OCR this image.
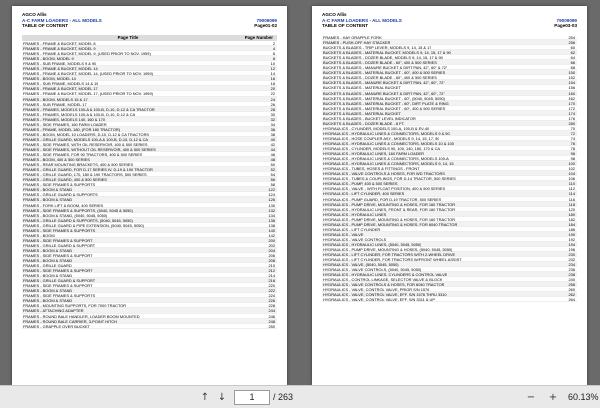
AGCO Allis
A-C FARM LOADERS - ALL MODELS
TABLE OF CONTENT
79009099
Page01-02
Page Title	Page Number
FRAMES - FRAME & BUCKET, MODEL 8	2
FRAMES - FRAME & BUCKET, MODEL 9	4
FRAMES - FRAME & BUCKET, MODEL 9, (USED PRIOR TO NOV. 1959)	6
FRAMES - BOOM, MODEL 9	8
FRAMES - SUB FRAME, MODELS 9 & 90	10
FRAMES - FRAME & BUCKET, MODEL 14	12
FRAMES - FRAME & BUCKET, MODEL 14, (USED PRIOR TO NOV. 1959)	14
FRAMES - BOOM, MODEL 14	16
FRAMES - SUB FRAME, MODELS 14 & 15	18
FRAMES - FRAME & BUCKET, MODEL 17	20
FRAMES - FRAME & BUCKET, MODEL 17, (USED PRIOR TO NOV. 1959)	22
FRAMES - BOOM, MODELS 15 & 17	24
FRAMES - SUB FRAME, MODEL 17	26
FRAMES - FRAMES, MODELS 100-A & 100-B, D-10, D-12 & CA TRACTOR	28
FRAMES - FRAMES, MODELS 100-A & 100-B, D-10, D-12 & CA	30
FRAMES - FRAMES, MODELS 140, 160 & 170	32
FRAMES - SIDE FRAMES, 160 FARM LOADER	34
FRAMES - FRAME, MODEL 180, (FOR 180 TRACTOR)	36
FRAMES - BOOM, MODEL 10 LOADERS, D-10, D-12 & CA TRACTORS	38
FRAMES - GRILLE GUARD, MODELS 100-A & 100-B, D-10, D-12 & CA	40
FRAMES - SIDE FRAMES, WITH OIL RESERVOIR, 400 & 500 SERIES	42
FRAMES - SIDE FRAMES, WITHOUT OIL RESERVOIR, 400 & 500 SERIES	44
FRAMES - SIDE FRAMES, FOR 90 TRACTORS, 400 & 500 SERIES	46
FRAMES - BOOM, 400 & 500 SERIES	48
FRAMES - REAR MOUNTING BRACKETS, 400 & 500 SERIES	50
FRAMES - GRILLE GUARD, FOR D-17 SERIES IV, D-19 & 190 TRACTOR	52
FRAMES - GRILLE GUARD, 170, 180 & 190 TRACTORS, 500 SERIES	54
FRAMES - GRILLE GUARD, 400 & 500 SERIES	56
FRAMES - SIDE FRAMES & SUPPORTS	58
FRAMES - BOOM & STAND	122
FRAMES - GRILLE GUARD & SUPPORTS	124
FRAMES - BOOM & STAND	126
FRAMES - FORK LIFT & BOOM, 400 SERIES	130
FRAMES - SIDE FRAMES & SUPPORTS, (5040, 5045 & 5050)	132
FRAMES - BOOM & STAND, (5040, 5045, 5050)	134
FRAMES - GRILLE GUARD & SUPPORTS, (5040, 5045, 5050)	136
FRAMES - GRILLE GUARD & PIPE EXTENSION, (5040, 5045, 5050)	138
FRAMES - SIDE FRAMES & SUPPORTS	140
FRAMES - BOOM	142
FRAMES - SIDE FRAMES & SUPPORT	200
FRAMES - GRILLE GUARD & SUPPORT	202
FRAMES - BOOM & STAND	204
FRAMES - SIDE FRAMES & SUPPORT	206
FRAMES - BOOM & STAND	208
FRAMES - GRILLE GUARD	210
FRAMES - SIDE FRAMES & SUPPORT	212
FRAMES - BOOM & STAND	214
FRAMES - GRILLE GUARD & SUPPORT	216
FRAMES - SIDE FRAMES & SUPPORT	220
FRAMES - BOOM & STAND	222
FRAMES - SIDE FRAMES & SUPPORTS	224
FRAMES - BOOM & STAND	226
FRAMES - MOUNTING SUPPORTS, FOR 7000 TRACTOR	228
FRAMES - ATTACHING ADAPTER	244
FRAMES - ROUND BALE HANDLER, LOADER BOOM MOUNTED	246
FRAMES - ROUND BALE CARRIER, 3-POINT HITCH	248
FRAMES - GRAPPLE OVER BUCKET	250
AGCO Allis
A-C FARM LOADERS - ALL MODELS
TABLE OF CONTENT
79009099
Page03-03
FRAMES - HAY GRAPPLE FORK	254
FRAMES - PUSH-OFF HAY STACKER	256
BUCKETS & BLADES - TRIP LEVER, MODELS 9, 14, 15 & 17	60
BUCKETS & BLADES - MATERIAL BUCKET, MODELS 9, 14, 15, 17 & 90	62
BUCKETS & BLADES - DOZER BLADE, MODELS 9, 14, 15, 17 & 90	64
BUCKETS & BLADES - DOZER BLADE - 60", 400 & 500 SERIES	66
BUCKETS & BLADES - MANURE BUCKET & DIRT PAN, 42", 60" & 72"	68
BUCKETS & BLADES - MATERIAL BUCKET - 60", 400 & 500 SERIES	150
BUCKETS & BLADES - DOZER BLADE - 60", 400 & 500 SERIES	152
BUCKETS & BLADES - MANURE BUCKET & DIRT PAN, 42", 60", 72"	154
BUCKETS & BLADES - MATERIAL BUCKET	156
BUCKETS & BLADES - MANURE BUCKET & DIRT PAN, 42", 60", 72"	160
BUCKETS & BLADES - MATERIAL BUCKET - 60", (5040, 5045, 5050)	162
BUCKETS & BLADES - MATERIAL BUCKET - 60", DIRT PLATE & RING	170
BUCKETS & BLADES - MATERIAL BUCKET - 60", 400 & 500 SERIES	172
BUCKETS & BLADES - MATERIAL BUCKET	174
BUCKETS & BLADES - BUCKET LEVEL INDICATOR	176
BUCKETS & BLADES - DOZER BLADE - 8 FT.	280
HYDRAULICS - CYLINDER, MODELS 100-A, 100-B & EV-40	70
HYDRAULICS - HYDRAULIC LINES & CONNECTORS, MODELS 9 & 90	72
HYDRAULICS - HOSE COUPLER ASY., MODELS 9, 14, 15, 17, 90	74
HYDRAULICS - HYDRAULIC LINES & CONNECTORS, MODELS 10 & 100	76
HYDRAULICS - CYLINDER, MODELS 90, 100, 140, 160, 170 & CA	78
HYDRAULICS - HYDRAULIC LINES, 160 FARM LOADER	96
HYDRAULICS - HYDRAULIC LINES & CONNECTORS, MODELS 100-A	98
HYDRAULICS - HYDRAULIC LINES & CONNECTORS, MODELS 9, 14, 15	100
HYDRAULICS - TUBES, HOSES & FITTINGS - FRONT	102
HYDRAULICS - VALVE CONTROLS & HOSES, FOR WD TRACTORS	104
HYDRAULICS - TUBES & COUPLINGS, FOR D-14 TRACTOR, 500 SERIES	106
HYDRAULICS - PUMP, 400 & 500 SERIES	110
HYDRAULICS - VALVE - WITH FLOAT POSITION, 400 & 500 SERIES	112
HYDRAULICS - LIFT CYLINDER, 400 SERIES	114
HYDRAULICS - PUMP GUARD, FOR D-19 TRACTOR, 500 SERIES	116
HYDRAULICS - PUMP DRIVE, MOUNTING & HOSES, FOR 160 TRACTOR	118
HYDRAULICS - HYDRAULIC LINES, FRONT & REAR, FOR 160 TRACTOR	120
HYDRAULICS - HYDRAULIC LINES	180
HYDRAULICS - PUMP DRIVE, MOUNTING & HOSES, FOR 160 TRACTOR	182
HYDRAULICS - PUMP DRIVE, MOUNTING & HOSES, FOR 6040 TRACTOR	184
HYDRAULICS - LIFT CYLINDER	186
HYDRAULICS - VALVE	190
HYDRAULICS - VALVE CONTROLS	192
HYDRAULICS - HYDRAULIC LINES, (5040, 5045, 5050)	194
HYDRAULICS - PUMP DRIVE, MOUNTING & HOSES, (5040, 5045, 5050)	196
HYDRAULICS - LIFT CYLINDER, FOR TRACTORS WITH 2-WHEEL DRIVE	230
HYDRAULICS - LIFT CYLINDER, FOR TRACTORS W/FRONT WHEEL ASSIST	232
HYDRAULICS - VALVE, (5040, 5045, 5050)	234
HYDRAULICS - VALVE CONTROLS, (5040, 5045, 5050)	236
HYDRAULICS - HYDRAULIC LINES, CYLINDERS & CONTROL VALVE	238
HYDRAULICS - CONTROL LINKAGE, SELECTOR VALVE & BLOCK	240
HYDRAULICS - VALVE CONTROLS & HOSES, FOR 6040 TRACTOR	258
HYDRAULICS - VALVE, CONTROL VALVE, PRIOR S/N 1576	260
HYDRAULICS - VALVE, CONTROL VALVE, EFF. S/N 1576 THRU 3310	262
HYDRAULICS - VALVE, CONTROL VALVE, EFF. S/N 3311 & UP	264
↑ ↓	1	/ 263	− +	60.13%
